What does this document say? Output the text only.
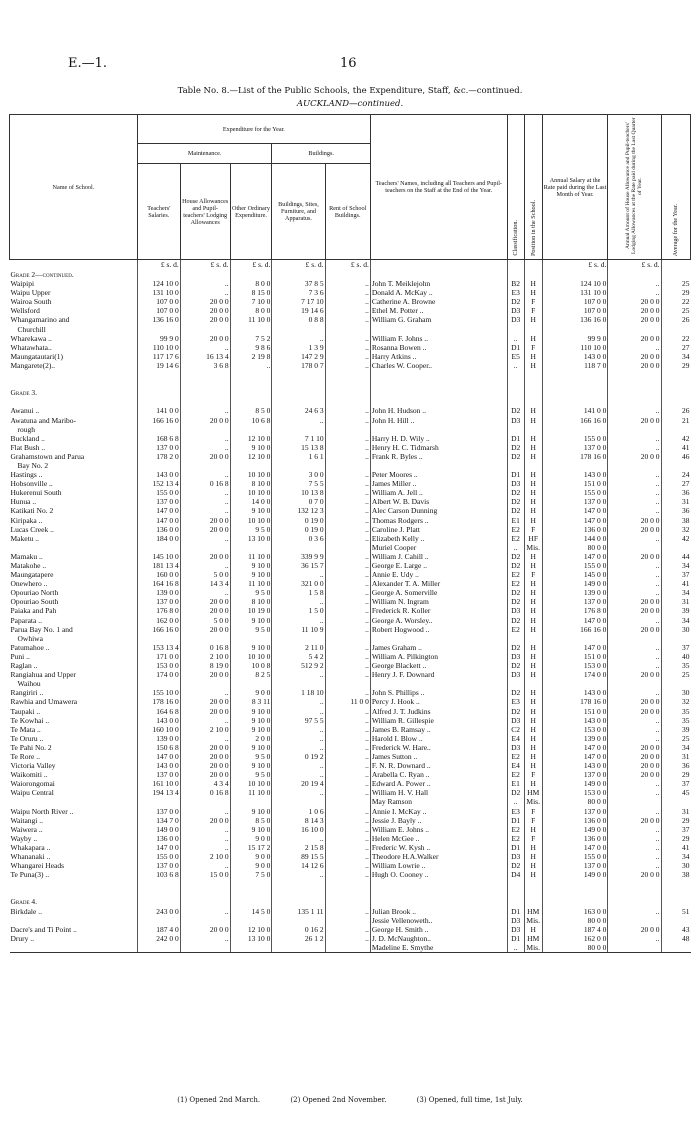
E.—1.	16
Table No. 8.—List of the Public Schools, the Expenditure, Staff, &c.—continued.
AUCKLAND—continued.
Name of School.	Expenditure for the Year.					Teachers' Names, including all Teachers and Pupil-teachers on the Staff at the End of the Year.	Classification.	Position in the School.	Annual Salary at the Rate paid during the Last Month of Year.	Annual Amount of House Allowance and Pupil-teachers' Lodging Allowances at the Rate paid during the Last Quarter of Year.	Average for the Year.
	Maintenance.			Buildings.							
	Teachers' Salaries.	House Allowances and Pupil-teachers' Lodging Allowances	Other Ordinary Expenditure.	Buildings, Sites, Furniture, and Apparatus.	Rent of School Buildings.						
	£ s. d.	£ s. d.	£ s. d.	£ s. d.	£ s. d.				£ s. d.	£ s. d.	
Grade 2—continued.											
Waipipi	124 10 0	..	8 0 0	37 8 5	..	John T. Meiklejohn	B2	H	124 10 0	..	25
Waipu Upper	131 10 0	..	8 15 0	7 3 6	..	Donald A. McKay ..	E3	H	131 10 0	..	29
Wairoa South	107 0 0	20 0 0	7 10 0	7 17 10	..	Catherine A. Browne	D2	F	107 0 0	20 0 0	22
Wellsford	107 0 0	20 0 0	8 0 0	19 14 6	..	Ethel M. Potter ..	D3	F	107 0 0	20 0 0	25
Whangamarino and	136 16 0	20 0 0	11 10 0	0 8 8	..	William G. Graham	D3	H	136 16 0	20 0 0	26
Churchill											
Wharekawa ..	99 9 0	20 0 0	7 5 2	..	..	William F. Johns ..	..	H	99 9 0	20 0 0	22
Whatawhata..	110 10 0	..	9 8 6	1 3 9	..	Rosanna Bowen ..	D1	F	110 10 0	..	27
Maungatautari(1)	117 17 6	16 13 4	2 19 8	147 2 9	..	Harry Atkins ..	E5	H	143 0 0	20 0 0	34
Mangarete(2)..	19 14 6	3 6 8	..	178 0 7	..	Charles W. Cooper..	..	H	118 7 0	20 0 0	29

Grade 3.											

Awanui ..	141 0 0	..	8 5 0	24 6 3	..	John H. Hudson ..	D2	H	141 0 0	..	26
Awatuna and Maribo-	166 16 0	20 0 0	10 6 8	..	..	John H. Hill ..	D3	H	166 16 0	20 0 0	21
rough											
Buckland ..	168 6 8	..	12 10 0	7 1 10	..	Harry H. D. Wily ..	D1	H	155 0 0	..	42
Flat Bush ..	137 0 0	..	9 10 0	15 13 8	..	Henry H. C. Tidmarsh	D2	H	137 0 0	..	41
Grahamstown and Parua	178 2 0	20 0 0	12 10 0	1 6 1	..	Frank R. Byles ..	D2	H	178 16 0	20 0 0	46
Bay No. 2											
Hastings ..	143 0 0	..	10 10 0	3 0 0	..	Peter Moores ..	D1	H	143 0 0	..	24
Hobsonville ..	152 13 4	0 16 8	8 10 0	7 5 5	..	James Miller ..	D3	H	151 0 0	..	27
Hukerenui South	155 0 0	..	10 10 0	10 13 8	..	William A. Jell ..	D2	H	155 0 0	..	36
Hunua ..	137 0 0	..	14 0 0	0 7 0	..	Albert W. B. Davis	D2	H	137 0 0	..	31
Katikati No. 2	147 0 0	..	9 10 0	132 12 3	..	Alec Carson Dunning	D2	H	147 0 0	..	36
Kiripaka ..	147 0 0	20 0 0	10 10 0	0 19 0	..	Thomas Rodgers ..	E1	H	147 0 0	20 0 0	38
Lucas Creek ..	136 0 0	20 0 0	9 5 0	0 19 0	..	Caroline J. Platt	E2	F	136 0 0	20 0 0	32
Maketu ..	184 0 0	..	13 10 0	0 3 6	..	Elizabeth Kelly ..	E2	HF	144 0 0	..	42
						Muriel Cooper	..	Mis.	80 0 0		
Mamaku ..	145 10 0	20 0 0	11 10 0	339 9 9	..	William J. Cahill ..	D2	H	147 0 0	20 0 0	44
Matakohe ..	181 13 4	..	9 10 0	36 15 7	..	George E. Large ..	D2	H	155 0 0	..	34
Maungatapere	160 0 0	5 0 0	9 10 0	..	..	Annie E. Udy ..	E2	F	145 0 0	..	37
Onewhero ..	164 16 8	14 3 4	11 10 0	321 0 0	..	Alexander T. A. Miller	E2	H	149 0 0	..	41
Opouriao North	139 0 0	..	9 5 0	1 5 8	..	George A. Somerville	D2	H	139 0 0	..	34
Opouriao South	137 0 0	20 0 0	8 10 0	..	..	William N. Ingram	D2	H	137 0 0	20 0 0	31
Paiaka and Pah	176 8 0	20 0 0	10 19 0	1 5 0	..	Frederick R. Koller	D3	H	176 8 0	20 0 0	39
Paparata ..	162 0 0	5 0 0	9 10 0	..	..	George A. Worsley..	D2	H	147 0 0	..	34
Parua Bay No. 1 and	166 16 0	20 0 0	9 5 0	11 10 9	..	Robert Hogwood ..	E2	H	166 16 0	20 0 0	30
Owhiwa											
Patumahoe ..	153 13 4	0 16 8	9 10 0	2 11 0	..	James Graham ..	D2	H	147 0 0	..	37
Puni ..	171 0 0	2 10 0	10 10 0	5 4 2	..	William A. Pilkington	D3	H	151 0 0	..	40
Raglan ..	153 0 0	8 19 0	10 0 8	512 9 2	..	George Blackett ..	D2	H	153 0 0	..	35
Rangiahua and Upper	174 0 0	20 0 0	8 2 5	..	..	Henry J. F. Downard	D3	H	174 0 0	20 0 0	25
Waihou											
Rangiriri ..	155 10 0	..	9 0 0	1 18 10	..	John S. Phillips ..	D2	H	143 0 0	..	30
Rawhia and Umawera	178 16 0	20 0 0	8 3 11	..	11 0 0	Percy J. Hook ..	E3	H	178 16 0	20 0 0	32
Taupaki ..	164 6 8	20 0 0	9 10 0	..	..	Alfred J. T. Judkins	D2	H	151 0 0	20 0 0	35
Te Kowhai ..	143 0 0	..	9 10 0	97 5 5	..	William R. Gillespie	D3	H	143 0 0	..	35
Te Mata ..	160 10 0	2 10 0	9 10 0	..	..	James B. Ramsay ..	C2	H	153 0 0	..	39
Te Oruru ..	139 0 0	..	2 0 0	..	..	Harold I. Blow ..	E4	H	139 0 0	..	25
Te Pahi No. 2	150 6 8	20 0 0	9 10 0	..	..	Frederick W. Hare..	D3	H	147 0 0	20 0 0	34
Te Rore ..	147 0 0	20 0 0	9 5 0	0 19 2	..	James Sutton ..	E2	H	147 0 0	20 0 0	31
Victoria Valley	143 0 0	20 0 0	9 10 0	..	..	F. N. R. Downard ..	E4	H	143 0 0	20 0 0	36
Waikomiti ..	137 0 0	20 0 0	9 5 0	..	..	Arabella C. Ryan ..	E2	F	137 0 0	20 0 0	29
Waiorongomai	161 10 0	4 3 4	10 10 0	20 19 4	..	Edward A. Power ..	E1	H	149 0 0	..	37
Waipu Central	194 13 4	0 16 8	11 10 0	..	..	William H. V. Hall	D2	HM	153 0 0	..	45
						May Ramson	..	Mis.	80 0 0		
Waipu North River ..	137 0 0	..	9 10 0	1 0 6	..	Annie I. McKay ..	E3	F	137 0 0	..	31
Waitangi ..	134 7 0	20 0 0	8 5 0	8 14 3	..	Jessie J. Bayly ..	D1	F	136 0 0	20 0 0	29
Waiwera ..	149 0 0	..	9 10 0	16 10 0	..	William E. Johns ..	E2	H	149 0 0	..	37
Wayby ..	136 0 0	..	9 0 0	..	..	Helen McGee ..	E2	F	136 0 0	..	29
Whakapara ..	147 0 0	..	15 17 2	2 15 8	..	Frederic W. Kysh ..	D1	H	147 0 0	..	41
Whananaki ..	155 0 0	2 10 0	9 0 0	89 15 5	..	Theodore H.A.Walker	D3	H	155 0 0	..	34
Whangarei Heads	137 0 0	..	9 0 0	14 12 6	..	William Lowrie ..	D2	H	137 0 0	..	30
Te Puna(3) ..	103 6 8	15 0 0	7 5 0	..	..	Hugh O. Cooney ..	D4	H	149 0 0	20 0 0	38

Grade 4.											
Birkdale ..	243 0 0	..	14 5 0	135 1 11	..	Julian Brook ..	D1	HM	163 0 0	..	51
						Jessie Vellenoweth..	D3	Mis.	80 0 0		
Dacre's and Ti Point ..	187 4 0	20 0 0	12 10 0	0 16 2	..	George H. Smith ..	D3	H	187 4 0	20 0 0	43
Drury ..	242 0 0	..	13 10 0	26 1 2	..	J. D. McNaughton..	D1	HM	162 0 0	..	48
						Madeline E. Smythe	..	Mis.	80 0 0		
(1) Opened 2nd March.	(2) Opened 2nd November.	(3) Opened, full time, 1st July.
